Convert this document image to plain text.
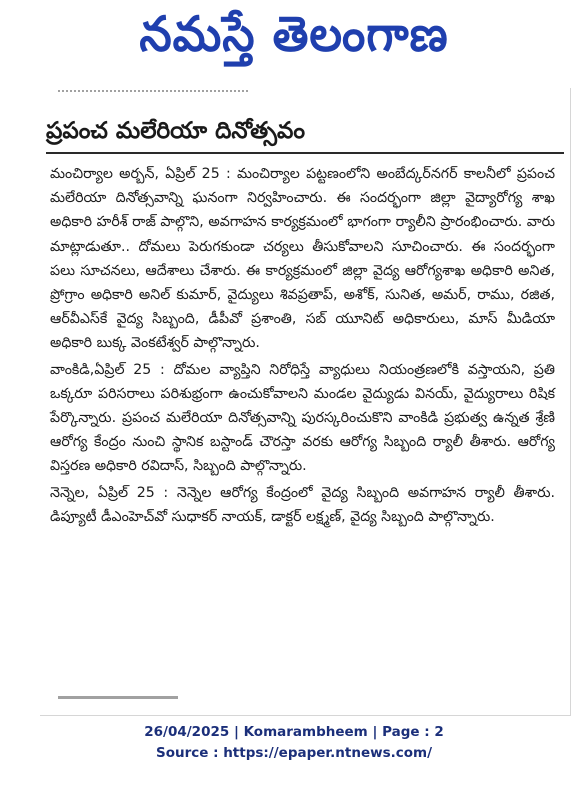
నమస్తే తెలంగాణ
ప్రపంచ మలేరియా దినోత్సవం

మంచిర్యాల అర్బన్, ఏప్రిల్ 25 : మంచిర్యాల పట్టణంలోని అంబేద్కర్‌నగర్ కాలనీలో ప్రపంచ మలేరియా దినోత్సవాన్ని ఘనంగా నిర్వహించారు. ఈ సందర్భంగా జిల్లా వైద్యారోగ్య శాఖ అధికారి హరీశ్ రాజ్ పాల్గొని, అవగాహన కార్యక్రమంలో భాగంగా ర్యాలీని ప్రారంభించారు. వారు మాట్లాడుతూ.. దోమలు పెరుగకుండా చర్యలు తీసుకోవాలని సూచించారు. ఈ సందర్భంగా పలు సూచనలు, ఆదేశాలు చేశారు. ఈ కార్యక్రమంలో జిల్లా వైద్య ఆరోగ్యశాఖ అధికారి అనిత, ప్రోగ్రాం అధికారి అనిల్ కుమార్, వైద్యులు శివప్రతాప్, అశోక్, సునిత, అమర్, రాము, రజిత, ఆర్‌వీఎస్‌కే వైద్య సిబ్బంది, డీపీవో ప్రశాంతి, సబ్ యూనిట్ అధికారులు, మాస్ మీడియా అధికారి బుక్క వెంకటేశ్వర్ పాల్గొన్నారు.

వాంకిడి,ఏప్రిల్ 25 : దోమల వ్యాప్తిని నిరోధిస్తే వ్యాధులు నియంత్రణలోకి వస్తాయని, ప్రతి ఒక్కరూ పరిసరాలు పరిశుభ్రంగా ఉంచుకోవాలని మండల వైద్యుడు వినయ్, వైద్యురాలు రిషిక పేర్కొన్నారు. ప్రపంచ మలేరియా దినోత్సవాన్ని పురస్కరించుకొని వాంకిడి ప్రభుత్వ ఉన్నత శ్రేణి ఆరోగ్య కేంద్రం నుంచి స్థానిక బస్టాండ్ చౌరస్తా వరకు ఆరోగ్య సిబ్బంది ర్యాలీ తీశారు. ఆరోగ్య విస్తరణ అధికారి రవిదాస్, సిబ్బంది పాల్గొన్నారు.

నెన్నెల, ఏప్రిల్ 25 : నెన్నెల ఆరోగ్య కేంద్రంలో వైద్య సిబ్బంది అవగాహన ర్యాలీ తీశారు. డిప్యూటీ డీఎంహెచ్‌వో సుధాకర్ నాయక్, డాక్టర్ లక్ష్మణ్, వైద్య సిబ్బంది పాల్గొన్నారు.

26/04/2025 | Komarambheem | Page : 2
Source : https://epaper.ntnews.com/
